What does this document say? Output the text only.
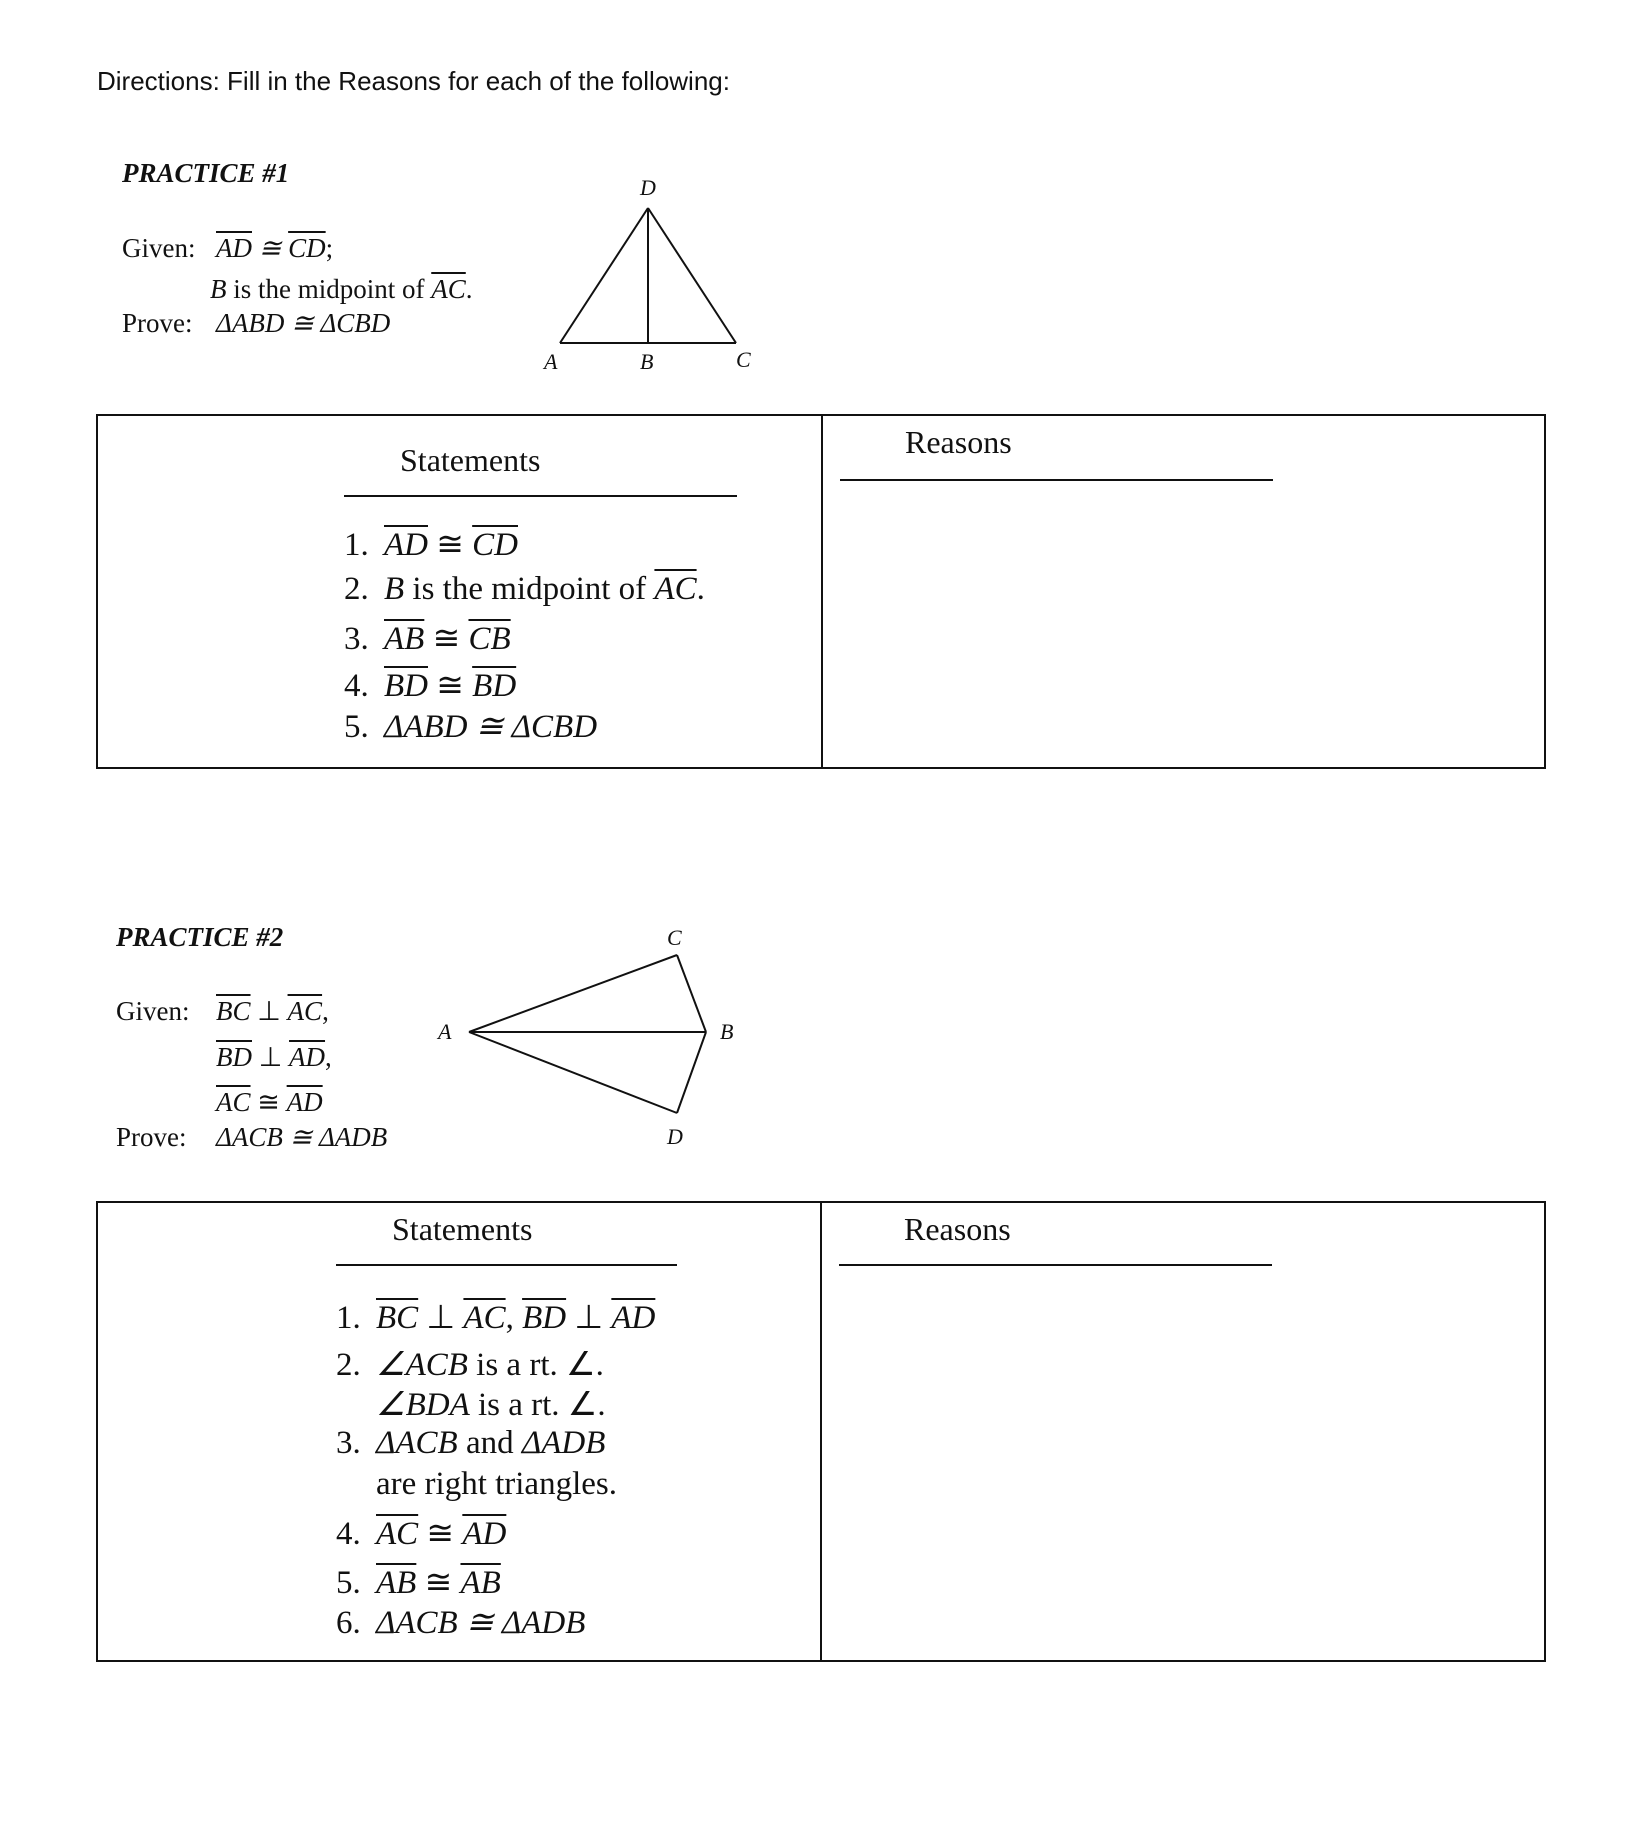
Directions: Fill in the Reasons for each of the following:
PRACTICE #1
Given: $\overline{AD}$ ≅ $\overline{CD}$;
B is the midpoint of $\overline{AC}$.
Prove: ΔABD ≅ ΔCBD
D
A	B	C
Statements	Reasons
1. $\overline{AD}$ ≅ $\overline{CD}$
2. B is the midpoint of $\overline{AC}$.
3. $\overline{AB}$ ≅ $\overline{CB}$
4. $\overline{BD}$ ≅ $\overline{BD}$
5. ΔABD ≅ ΔCBD
PRACTICE #2
Given: $\overline{BC}$ ⊥ $\overline{AC}$,
$\overline{BD}$ ⊥ $\overline{AD}$,
$\overline{AC}$ ≅ $\overline{AD}$
Prove: ΔACB ≅ ΔADB
C
A	B
D
Statements	Reasons
1. $\overline{BC}$ ⊥ $\overline{AC}$, $\overline{BD}$ ⊥ $\overline{AD}$
2. ∠ACB is a rt. ∠.
∠BDA is a rt. ∠.
3. ΔACB and ΔADB
are right triangles.
4. $\overline{AC}$ ≅ $\overline{AD}$
5. $\overline{AB}$ ≅ $\overline{AB}$
6. ΔACB ≅ ΔADB
